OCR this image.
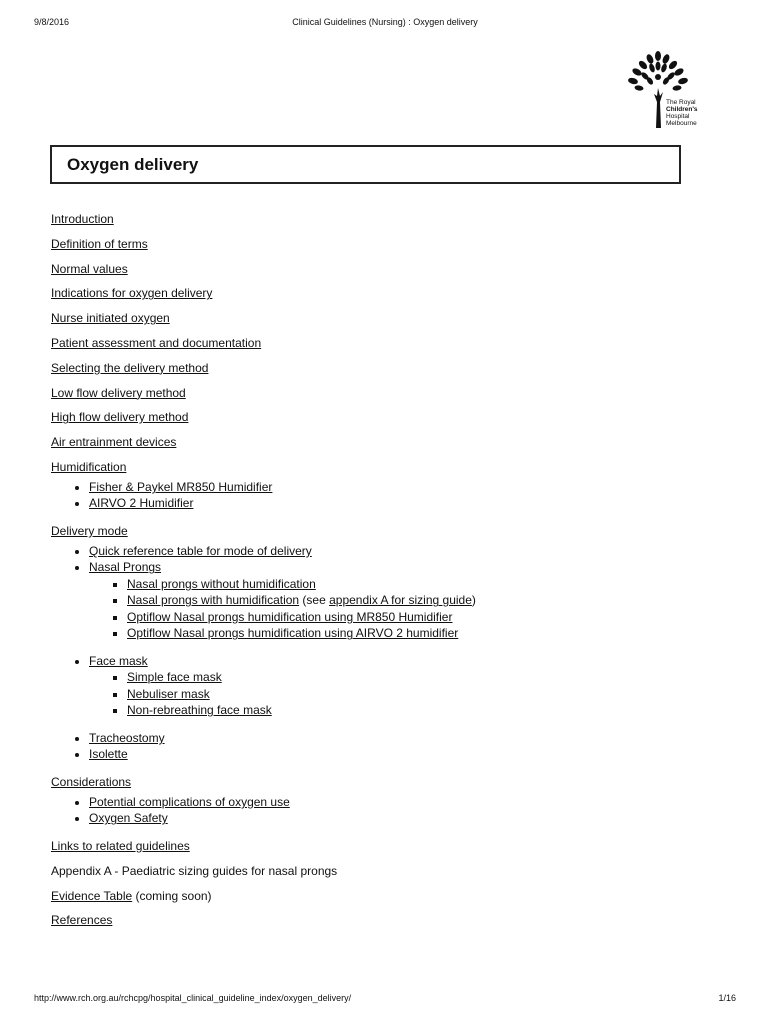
9/8/2016	Clinical Guidelines (Nursing) : Oxygen delivery
The Royal
Children's
Hospital
Melbourne
Oxygen delivery

Introduction

Definition of terms

Normal values

Indications for oxygen delivery

Nurse initiated oxygen

Patient assessment and documentation

Selecting the delivery method

Low flow delivery method

High flow delivery method

Air entrainment devices

Humidification

• Fisher & Paykel MR850 Humidifier
• AIRVO 2 Humidifier

Delivery mode

• Quick reference table for mode of delivery
• Nasal Prongs
▪ Nasal prongs without humidification
▪ Nasal prongs with humidification (see appendix A for sizing guide)
▪ Optiflow Nasal prongs humidification using MR850 Humidifier
▪ Optiflow Nasal prongs humidification using AIRVO 2 humidifier
• Face mask
▪ Simple face mask
▪ Nebuliser mask
▪ Non-rebreathing face mask
• Tracheostomy
• Isolette

Considerations

• Potential complications of oxygen use
• Oxygen Safety

Links to related guidelines

Appendix A - Paediatric sizing guides for nasal prongs

Evidence Table (coming soon)

References

http://www.rch.org.au/rchcpg/hospital_clinical_guideline_index/oxygen_delivery/	1/16
